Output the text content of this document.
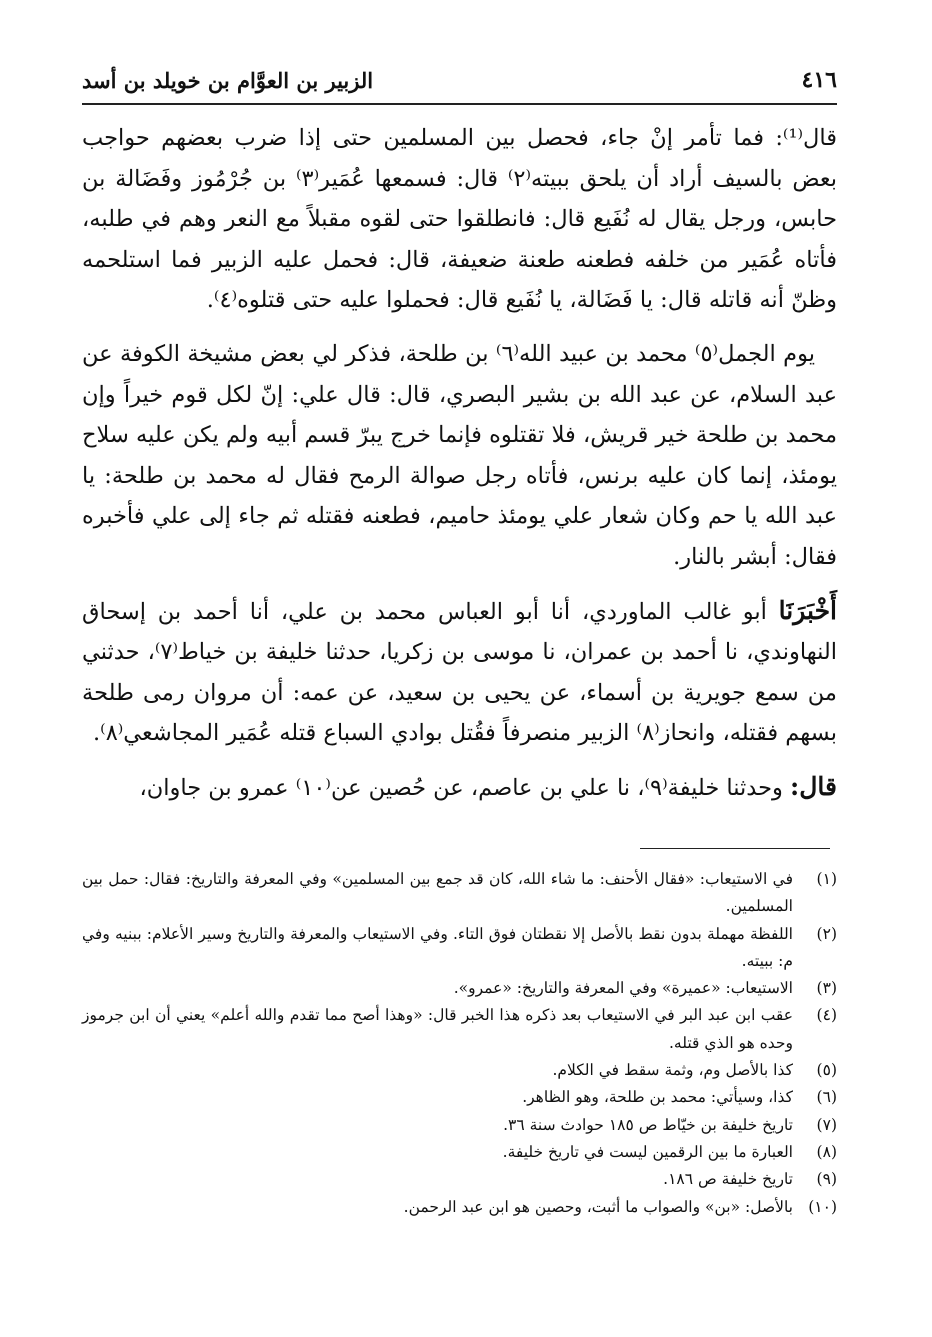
٤١٦
الزبير بن العوَّام بن خويلد بن أسد

قال⁽¹⁾: فما تأمر إنْ جاء، فحصل بين المسلمين حتى إذا ضرب بعضهم حواجب بعض بالسيف أراد أن يلحق ببيته⁽٢⁾ قال: فسمعها عُمَير⁽٣⁾ بن جُرْمُوز وفَضَالة بن حابس، ورجل يقال له نُفَيع قال: فانطلقوا حتى لقوه مقبلاً مع النعر وهم في طلبه، فأتاه عُمَير من خلفه فطعنه طعنة ضعيفة، قال: فحمل عليه الزبير فما استلحمه وظنّ أنه قاتله قال: يا فَضَالة، يا نُفَيع قال: فحملوا عليه حتى قتلوه⁽٤⁾.

يوم الجمل⁽٥⁾ محمد بن عبيد الله⁽٦⁾ بن طلحة، فذكر لي بعض مشيخة الكوفة عن عبد السلام، عن عبد الله بن بشير البصري، قال: قال علي: إنّ لكل قوم خيراً وإن محمد بن طلحة خير قريش، فلا تقتلوه فإنما خرج يبرّ قسم أبيه ولم يكن عليه سلاح يومئذ، إنما كان عليه برنس، فأتاه رجل صوالة الرمح فقال له محمد بن طلحة: يا عبد الله يا حم وكان شعار علي يومئذ حاميم، فطعنه فقتله ثم جاء إلى علي فأخبره فقال: أبشر بالنار.

أَخْبَرَنَا أبو غالب الماوردي، أنا أبو العباس محمد بن علي، أنا أحمد بن إسحاق النهاوندي، نا أحمد بن عمران، نا موسى بن زكريا، حدثنا خليفة بن خياط⁽٧⁾، حدثني من سمع جويرية بن أسماء، عن يحيى بن سعيد، عن عمه: أن مروان رمى طلحة بسهم فقتله، وانحاز⁽٨⁾ الزبير منصرفاً فقُتل بوادي السباع قتله عُمَير المجاشعي⁽٨⁾.

قال: وحدثنا خليفة⁽٩⁾، نا علي بن عاصم، عن حُصين عن⁽١٠⁾ عمرو بن جاوان،

(١)
في الاستيعاب: «فقال الأحنف: ما شاء الله، كان قد جمع بين المسلمين» وفي المعرفة والتاريخ: فقال: حمل بين المسلمين.
(٢)
اللفظة مهملة بدون نقط بالأصل إلا نقطتان فوق التاء. وفي الاستيعاب والمعرفة والتاريخ وسير الأعلام: ببنيه وفي م: ببيته.
(٣)
الاستيعاب: «عميرة» وفي المعرفة والتاريخ: «عمرو».
(٤)
عقب ابن عبد البر في الاستيعاب بعد ذكره هذا الخبر قال: «وهذا أصح مما تقدم والله أعلم» يعني أن ابن جرموز وحده هو الذي قتله.
(٥)
كذا بالأصل وم، وثمة سقط في الكلام.
(٦)
كذا، وسيأتي: محمد بن طلحة، وهو الظاهر.
(٧)
تاريخ خليفة بن خيّاط ص ١٨٥ حوادث سنة ٣٦.
(٨)
العبارة ما بين الرقمين ليست في تاريخ خليفة.
(٩)
تاريخ خليفة ص ١٨٦.
(١٠)
بالأصل: «بن» والصواب ما أثبت، وحصين هو ابن عبد الرحمن.
